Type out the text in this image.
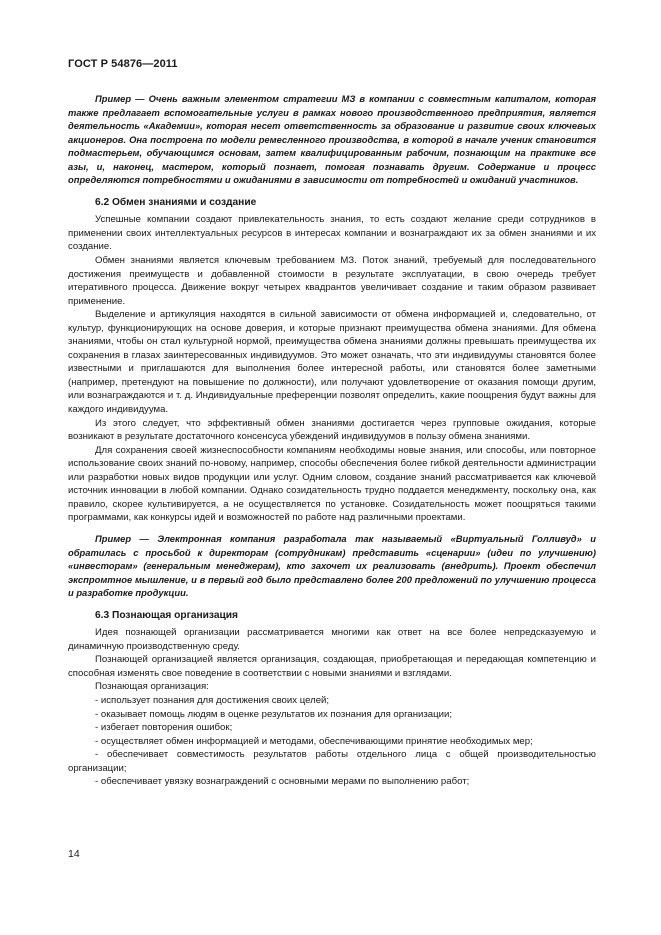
ГОСТ Р 54876—2011

Пример — Очень важным элементом стратегии МЗ в компании с совместным капиталом, которая также предлагает вспомогательные услуги в рамках нового производственного предприятия, является деятельность «Академии», которая несет ответственность за образование и развитие своих ключевых акционеров. Она построена по модели ремесленного производства, в которой в начале ученик становится подмастерьем, обучающимся основам, затем квалифицированным рабочим, познающим на практике все азы, и, наконец, мастером, который познает, помогая познавать другим. Содержание и процесс определяются потребностями и ожиданиями в зависимости от потребностей и ожиданий участников.

6.2 Обмен знаниями и создание

Успешные компании создают привлекательность знания, то есть создают желание среди сотрудников в применении своих интеллектуальных ресурсов в интересах компании и вознаграждают их за обмен знаниями и их создание.

Обмен знаниями является ключевым требованием МЗ. Поток знаний, требуемый для последовательного достижения преимуществ и добавленной стоимости в результате эксплуатации, в свою очередь требует итеративного процесса. Движение вокруг четырех квадрантов увеличивает создание и таким образом развивает применение.

Выделение и артикуляция находятся в сильной зависимости от обмена информацией и, следовательно, от культур, функционирующих на основе доверия, и которые признают преимущества обмена знаниями. Для обмена знаниями, чтобы он стал культурной нормой, преимущества обмена знаниями должны превышать преимущества их сохранения в глазах заинтересованных индивидуумов. Это может означать, что эти индивидуумы становятся более известными и приглашаются для выполнения более интересной работы, или становятся более заметными (например, претендуют на повышение по должности), или получают удовлетворение от оказания помощи другим, или вознаграждаются и т. д. Индивидуальные преференции позволят определить, какие поощрения будут важны для каждого индивидуума.

Из этого следует, что эффективный обмен знаниями достигается через групповые ожидания, которые возникают в результате достаточного консенсуса убеждений индивидуумов в пользу обмена знаниями.

Для сохранения своей жизнеспособности компаниям необходимы новые знания, или способы, или повторное использование своих знаний по-новому, например, способы обеспечения более гибкой деятельности администрации или разработки новых видов продукции или услуг. Одним словом, создание знаний рассматривается как ключевой источник инновации в любой компании. Однако созидательность трудно поддается менеджменту, поскольку она, как правило, скорее культивируется, а не осуществляется по установке. Созидательность может поощряться такими программами, как конкурсы идей и возможностей по работе над различными проектами.

Пример — Электронная компания разработала так называемый «Виртуальный Голливуд» и обратилась с просьбой к директорам (сотрудникам) представить «сценарии» (идеи по улучшению) «инвесторам» (генеральным менеджерам), кто захочет их реализовать (внедрить). Проект обеспечил экспромтное мышление, и в первый год было представлено более 200 предложений по улучшению процесса и разработке продукции.

6.3 Познающая организация

Идея познающей организации рассматривается многими как ответ на все более непредсказуемую и динамичную производственную среду.

Познающей организацией является организация, создающая, приобретающая и передающая компетенцию и способная изменять свое поведение в соответствии с новыми знаниями и взглядами.

Познающая организация:

- использует познания для достижения своих целей;

- оказывает помощь людям в оценке результатов их познания для организации;

- избегает повторения ошибок;

- осуществляет обмен информацией и методами, обеспечивающими принятие необходимых мер;

- обеспечивает совместимость результатов работы отдельного лица с общей производительностью организации;

- обеспечивает увязку вознаграждений с основными мерами по выполнению работ;

14
